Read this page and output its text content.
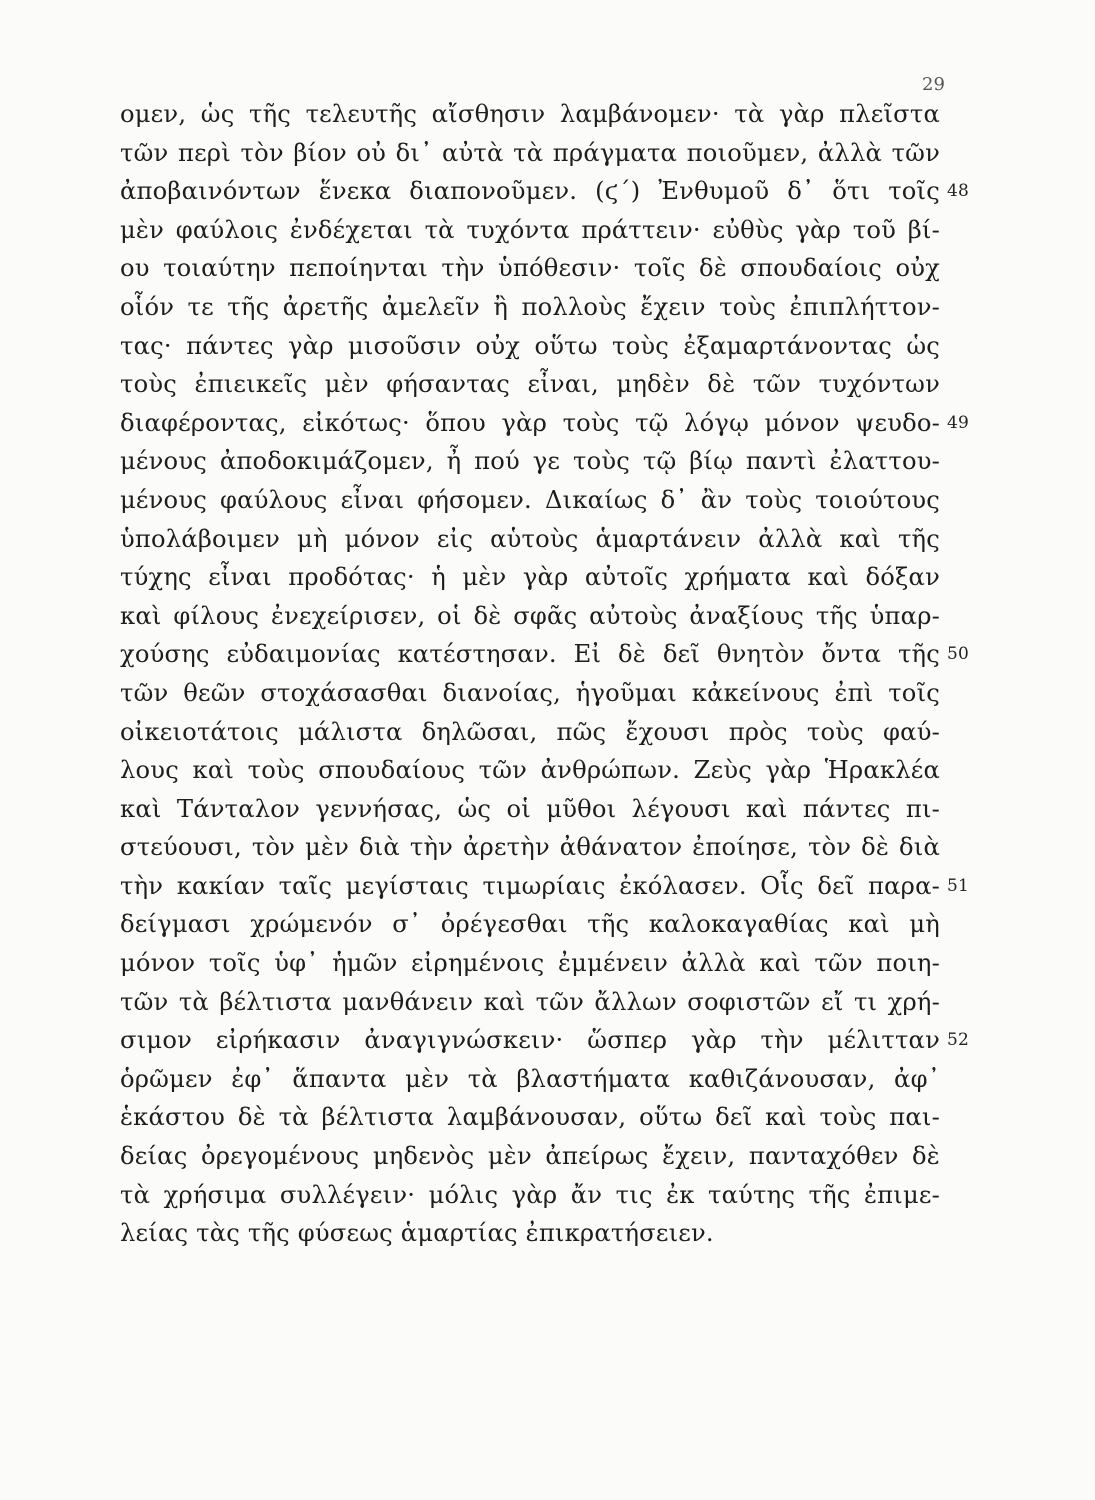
29
ομεν, ὡς τῆς τελευτῆς αἴσθησιν λαμβάνομεν· τὰ γὰρ πλεῖστα
τῶν περὶ τὸν βίον οὐ δι᾽ αὐτὰ τὰ πράγματα ποιοῦμεν, ἀλλὰ τῶν
ἀποβαινόντων ἕνεκα διαπονοῦμεν. (ϛ´) Ἐνθυμοῦ δ᾽ ὅτι τοῖς 48
μὲν φαύλοις ἐνδέχεται τὰ τυχόντα πράττειν· εὐθὺς γὰρ τοῦ βί-
ου τοιαύτην πεποίηνται τὴν ὑπόθεσιν· τοῖς δὲ σπουδαίοις οὐχ
οἷόν τε τῆς ἀρετῆς ἀμελεῖν ἢ πολλοὺς ἔχειν τοὺς ἐπιπλήττον-
τας· πάντες γὰρ μισοῦσιν οὐχ οὕτω τοὺς ἐξαμαρτάνοντας ὡς
τοὺς ἐπιεικεῖς μὲν φήσαντας εἶναι, μηδὲν δὲ τῶν τυχόντων
διαφέροντας, εἰκότως· ὅπου γὰρ τοὺς τῷ λόγῳ μόνον ψευδο- 49
μένους ἀποδοκιμάζομεν, ἦ πού γε τοὺς τῷ βίῳ παντὶ ἐλαττου-
μένους φαύλους εἶναι φήσομεν. Δικαίως δ᾽ ἂν τοὺς τοιούτους
ὑπολάβοιμεν μὴ μόνον εἰς αὑτοὺς ἁμαρτάνειν ἀλλὰ καὶ τῆς
τύχης εἶναι προδότας· ἡ μὲν γὰρ αὐτοῖς χρήματα καὶ δόξαν
καὶ φίλους ἐνεχείρισεν, οἱ δὲ σφᾶς αὐτοὺς ἀναξίους τῆς ὑπαρ-
χούσης εὐδαιμονίας κατέστησαν. Εἰ δὲ δεῖ θνητὸν ὄντα τῆς 50
τῶν θεῶν στοχάσασθαι διανοίας, ἡγοῦμαι κἀκείνους ἐπὶ τοῖς
οἰκειοτάτοις μάλιστα δηλῶσαι, πῶς ἔχουσι πρὸς τοὺς φαύ-
λους καὶ τοὺς σπουδαίους τῶν ἀνθρώπων. Ζεὺς γὰρ Ἡρακλέα
καὶ Τάνταλον γεννήσας, ὡς οἱ μῦθοι λέγουσι καὶ πάντες πι-
στεύουσι, τὸν μὲν διὰ τὴν ἀρετὴν ἀθάνατον ἐποίησε, τὸν δὲ διὰ
τὴν κακίαν ταῖς μεγίσταις τιμωρίαις ἐκόλασεν. Οἷς δεῖ παρα- 51
δείγμασι χρώμενόν σ᾽ ὀρέγεσθαι τῆς καλοκαγαθίας καὶ μὴ
μόνον τοῖς ὑφ᾽ ἡμῶν εἰρημένοις ἐμμένειν ἀλλὰ καὶ τῶν ποιη-
τῶν τὰ βέλτιστα μανθάνειν καὶ τῶν ἄλλων σοφιστῶν εἴ τι χρή-
σιμον εἰρήκασιν ἀναγιγνώσκειν· ὥσπερ γὰρ τὴν μέλιτταν 52
ὁρῶμεν ἐφ᾽ ἅπαντα μὲν τὰ βλαστήματα καθιζάνουσαν, ἀφ᾽
ἑκάστου δὲ τὰ βέλτιστα λαμβάνουσαν, οὕτω δεῖ καὶ τοὺς παι-
δείας ὀρεγομένους μηδενὸς μὲν ἀπείρως ἔχειν, πανταχόθεν δὲ
τὰ χρήσιμα συλλέγειν· μόλις γὰρ ἄν τις ἐκ ταύτης τῆς ἐπιμε-
λείας τὰς τῆς φύσεως ἁμαρτίας ἐπικρατήσειεν.
